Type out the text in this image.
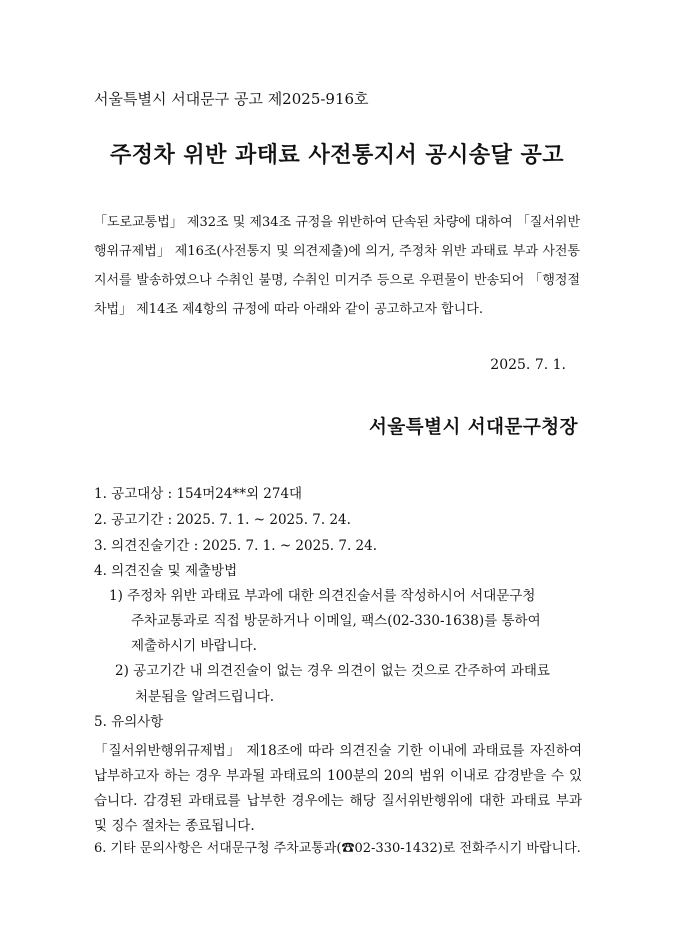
서울특별시 서대문구 공고 제2025-916호
주정차 위반 과태료 사전통지서 공시송달 공고
「도로교통법」 제32조 및 제34조 규정을 위반하여 단속된 차량에 대하여 「질서위반행위규제법」 제16조(사전통지 및 의견제출)에 의거, 주정차 위반 과태료 부과 사전통지서를 발송하였으나 수취인 불명, 수취인 미거주 등으로 우편물이 반송되어 「행정절차법」 제14조 제4항의 규정에 따라 아래와 같이 공고하고자 합니다.
2025. 7. 1.
서울특별시 서대문구청장
1. 공고대상 : 154머24**외 274대
2. 공고기간 : 2025. 7. 1. ~ 2025. 7. 24.
3. 의견진술기간 : 2025. 7. 1. ~ 2025. 7. 24.
4. 의견진술 및 제출방법
1) 주정차 위반 과태료 부과에 대한 의견진술서를 작성하시어 서대문구청
주차교통과로 직접 방문하거나 이메일, 팩스(02-330-1638)를 통하여
제출하시기 바랍니다.
2) 공고기간 내 의견진술이 없는 경우 의견이 없는 것으로 간주하여 과태료
처분됨을 알려드립니다.
5. 유의사항
「질서위반행위규제법」 제18조에 따라 의견진술 기한 이내에 과태료를 자진하여 납부하고자 하는 경우 부과될 과태료의 100분의 20의 범위 이내로 감경받을 수 있습니다. 감경된 과태료를 납부한 경우에는 해당 질서위반행위에 대한 과태료 부과 및 징수 절차는 종료됩니다.
6. 기타 문의사항은 서대문구청 주차교통과(☎02-330-1432)로 전화주시기 바랍니다.
